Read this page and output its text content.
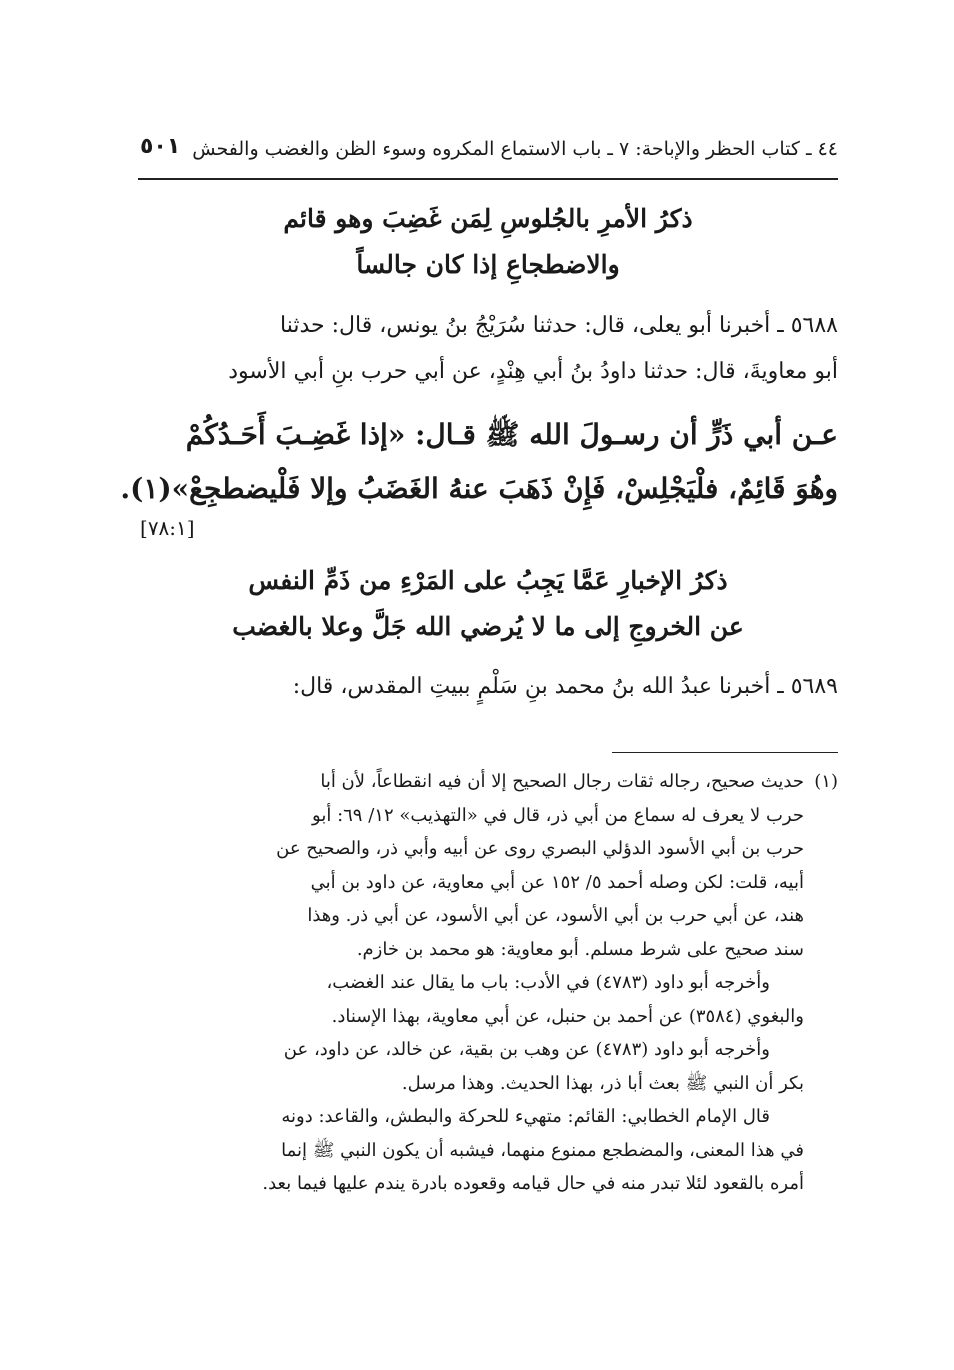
٤٤ ـ كتاب الحظر والإباحة: ٧ ـ باب الاستماع المكروه وسوء الظن والغضب والفحش
٥٠١
ذكرُ الأمرِ بالجُلوسِ لِمَن غَضِبَ وهو قائم
والاضطجاعِ إذا كان جالساً
٥٦٨٨ ـ أخبرنا أبو يعلى، قال: حدثنا سُرَيْجُ بنُ يونس، قال: حدثنا
أبو معاويةَ، قال: حدثنا داودُ بنُ أبي هِنْدٍ، عن أبي حرب بنِ أبي الأسود
عـن أبي ذَرٍّ أن رسـولَ الله ﷺ قـال: «إذا غَضِـبَ أَحَـدُكُمْ
وهُوَ قَائِمٌ، فلْيَجْلِسْ، فَإِنْ ذَهَبَ عنهُ الغَضَبُ وإلا فَلْيضطجِعْ»(١).
[٧٨:١]
ذكرُ الإخبارِ عَمَّا يَجِبُ على المَرْءِ من ذَمِّ النفس
عن الخروجِ إلى ما لا يُرضي الله جَلَّ وعلا بالغضب
٥٦٨٩ ـ أخبرنا عبدُ الله بنُ محمد بنِ سَلْمٍ ببيتِ المقدس، قال:
(١)
حديث صحيح، رجاله ثقات رجال الصحيح إلا أن فيه انقطاعاً، لأن أبا
حرب لا يعرف له سماع من أبي ذر، قال في «التهذيب» ١٢/ ٦٩: أبو
حرب بن أبي الأسود الدؤلي البصري روى عن أبيه وأبي ذر، والصحيح عن
أبيه، قلت: لكن وصله أحمد ٥/ ١٥٢ عن أبي معاوية، عن داود بن أبي
هند، عن أبي حرب بن أبي الأسود، عن أبي الأسود، عن أبي ذر. وهذا
سند صحيح على شرط مسلم. أبو معاوية: هو محمد بن خازم.
وأخرجه أبو داود (٤٧٨٣) في الأدب: باب ما يقال عند الغضب،
والبغوي (٣٥٨٤) عن أحمد بن حنبل، عن أبي معاوية، بهذا الإسناد.
وأخرجه أبو داود (٤٧٨٣) عن وهب بن بقية، عن خالد، عن داود، عن
بكر أن النبي ﷺ بعث أبا ذر، بهذا الحديث. وهذا مرسل.
قال الإمام الخطابي: القائم: متهيء للحركة والبطش، والقاعد: دونه
في هذا المعنى، والمضطجع ممنوع منهما، فيشبه أن يكون النبي ﷺ إنما
أمره بالقعود لئلا تبدر منه في حال قيامه وقعوده بادرة يندم عليها فيما بعد.
